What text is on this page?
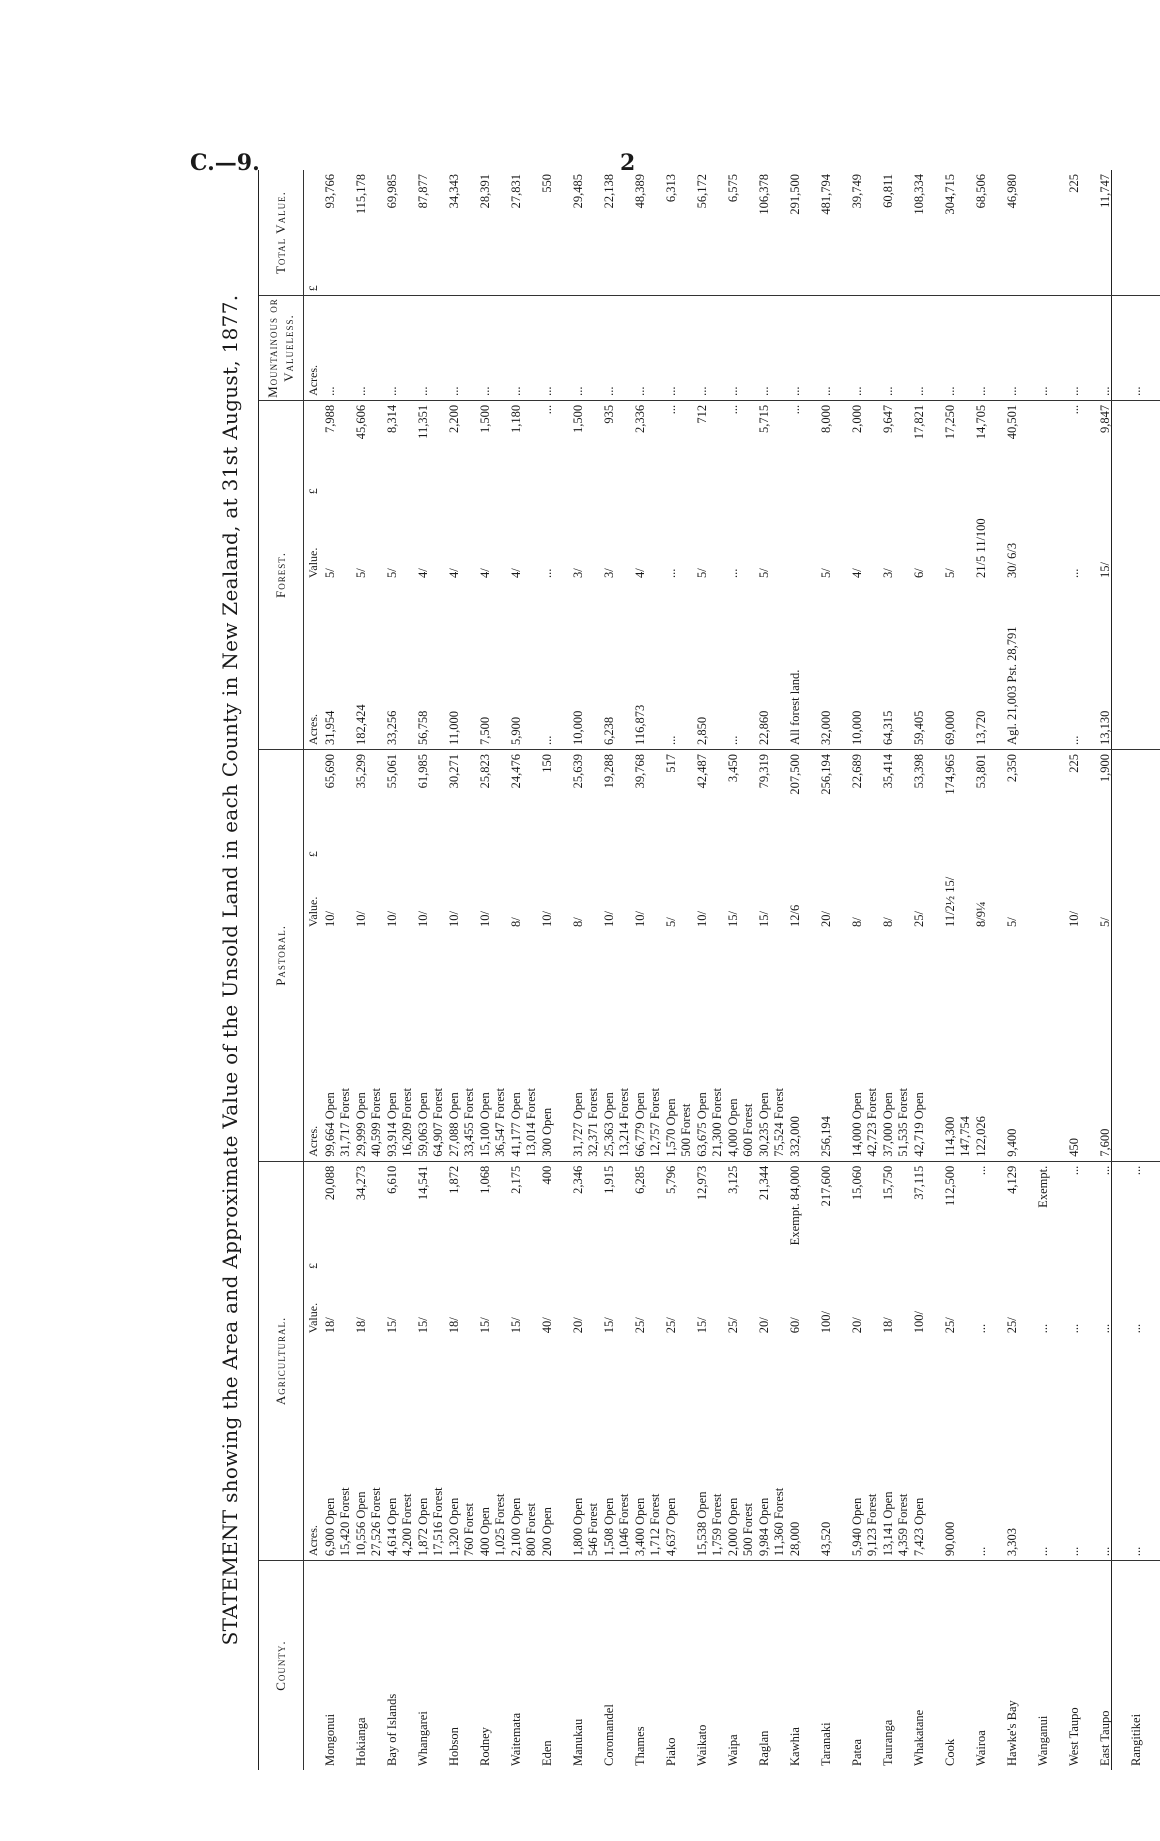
C.—9.	2
STATEMENT showing the Area and Approximate Value of the Unsold Land in each County in New Zealand, at 31st August, 1877.
County.	Agricultural.			Pastoral.			Forest.			Mountainous or Valueless.	Total Value.
	Acres.	Value.	£	Acres.	Value.	£	Acres.	Value.	£	Acres.	£
Mongonui	6,900 Open 15,420 Forest	18/	20,088	99,664 Open 31,717 Forest	10/	65,690	31,954	5/	7,988	...	93,766
Hokianga	10,556 Open 27,526 Forest	18/	34,273	29,999 Open 40,599 Forest	10/	35,299	182,424	5/	45,606	...	115,178
Bay of Islands	4,614 Open 4,200 Forest	15/	6,610	93,914 Open 16,209 Forest	10/	55,061	33,256	5/	8,314	...	69,985
Whangarei	1,872 Open 17,516 Forest	15/	14,541	59,063 Open 64,907 Forest	10/	61,985	56,758	4/	11,351	...	87,877
Hobson	1,320 Open 760 Forest	18/	1,872	27,088 Open 33,455 Forest	10/	30,271	11,000	4/	2,200	...	34,343
Rodney	400 Open 1,025 Forest	15/	1,068	15,100 Open 36,547 Forest	10/	25,823	7,500	4/	1,500	...	28,391
Waitemata	2,100 Open 800 Forest	15/	2,175	41,177 Open 13,014 Forest	8/	24,476	5,900	4/	1,180	...	27,831
Eden	200 Open	40/	400	300 Open	10/	150	...	...	...	...	550
Manukau	1,800 Open 546 Forest	20/	2,346	31,727 Open 32,371 Forest	8/	25,639	10,000	3/	1,500	...	29,485
Coromandel	1,508 Open 1,046 Forest	15/	1,915	25,363 Open 13,214 Forest	10/	19,288	6,238	3/	935	...	22,138
Thames	3,400 Open 1,712 Forest	25/	6,285	66,779 Open 12,757 Forest	10/	39,768	116,873	4/	2,336	...	48,389
Piako	4,637 Open	25/	5,796	1,570 Open 500 Forest	5/	517	...	...	...	...	6,313
Waikato	15,538 Open 1,759 Forest	15/	12,973	63,675 Open 21,300 Forest	10/	42,487	2,850	5/	712	...	56,172
Waipa	2,000 Open 500 Forest	25/	3,125	4,000 Open 600 Forest	15/	3,450	...	...	...	...	6,575
Raglan	9,984 Open 11,360 Forest	20/	21,344	30,235 Open 75,524 Forest	15/	79,319	22,860	5/	5,715	...	106,378
Kawhia	28,000	60/	Exempt. 84,000	332,000	12/6	207,500	All forest land.		...	...	291,500
Taranaki	43,520	100/	217,600	256,194	20/	256,194	32,000	5/	8,000	...	481,794
Patea	5,940 Open 9,123 Forest	20/	15,060	14,000 Open 42,723 Forest	8/	22,689	10,000	4/	2,000	...	39,749
Tauranga	13,141 Open 4,359 Forest	18/	15,750	37,000 Open 51,535 Forest	8/	35,414	64,315	3/	9,647	...	60,811
Whakatane	7,423 Open	100/	37,115	42,719 Open	25/	53,398	59,405	6/	17,821	...	108,334
Cook	90,000	25/	112,500	114,300 147,754	11/2½ 15/	174,965	69,000	5/	17,250	...	304,715
Wairoa	...	...	...	122,026	8/9¼	53,801	13,720	21/5 11/100	14,705	...	68,506
Hawke's Bay	3,303	25/	4,129	9,400	5/	2,350	Agl. 21,003 Pst. 28,791	30/ 6/3	40,501	...	46,980
Wanganui	...	...	Exempt.							...	
West Taupo	...	...	...	450	10/	225	...	...	...	...	225
East Taupo	...	...	...	7,600	5/	1,900	13,130	15/	9,847	...	11,747
Rangitikei	...	...	...							...	
